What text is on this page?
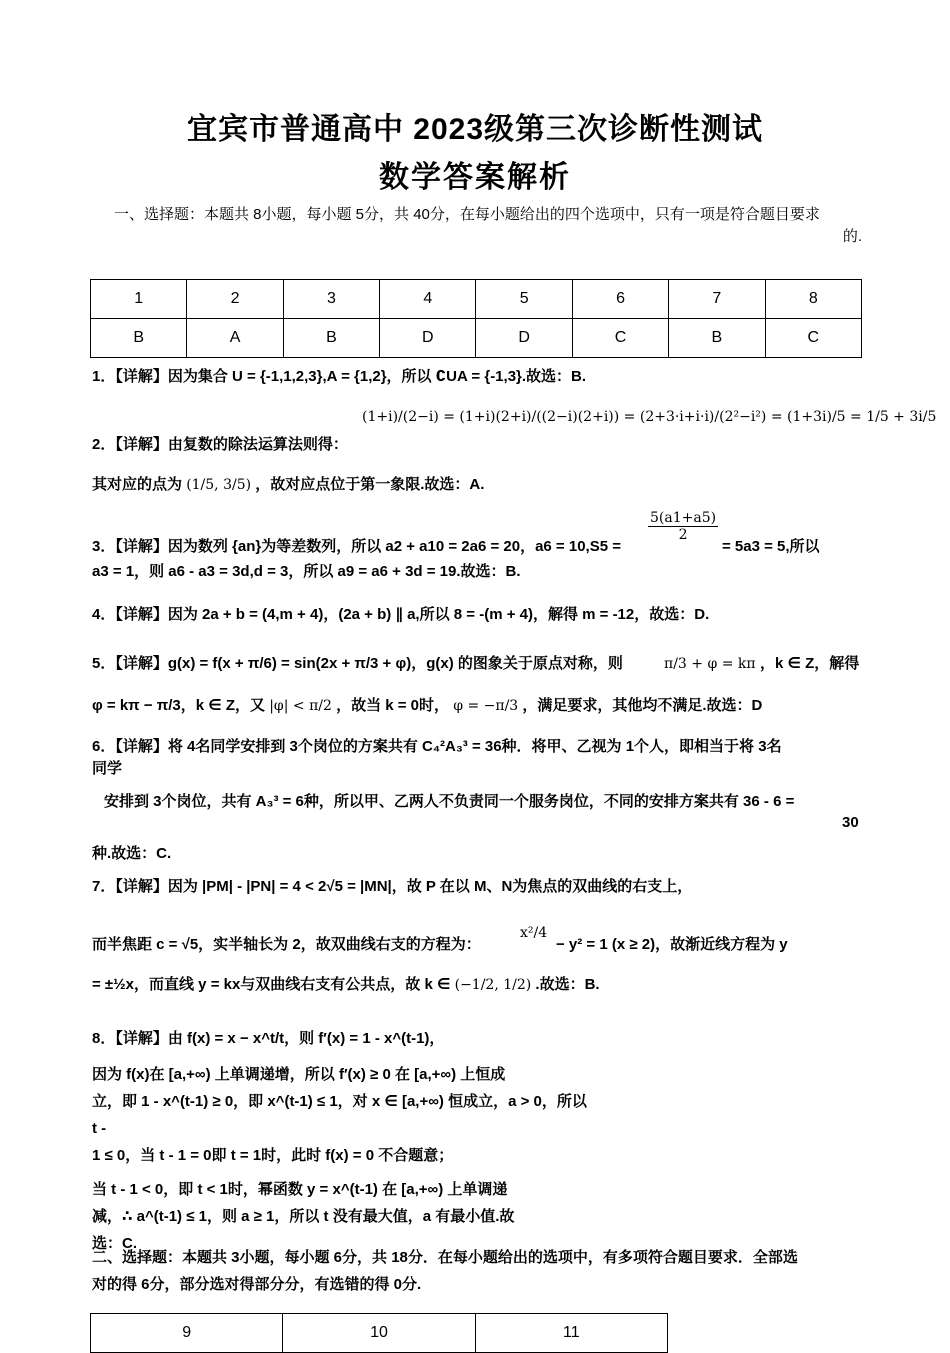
宜宾市普通高中 2023级第三次诊断性测试
数学答案解析
一、选择题：本题共 8小题，每小题 5分，共 40分，在每小题给出的四个选项中，只有一项是符合题目要求
的.
1	2	3	4	5	6	7	8
B	A	B	D	D	C	B	C
1．【详解】因为集合 U = {-1,1,2,3},A = {1,2}，所以 ∁UA = {-1,3}.故选：B.
(1+i)/(2−i) = (1+i)(2+i)/((2−i)(2+i)) = (2+3·i+i·i)/(2²−i²) = (1+3i)/5 = 1/5 + 3i/5
2．【详解】由复数的除法运算法则得：
其对应的点为 (1/5, 3/5) ，故对应点位于第一象限.故选：A.
$\frac{5(a1+a5)}{2}$
3．【详解】因为数列 {an}为等差数列，所以 a2 + a10 = 2a6 = 20，a6 = 10,S5 =	= 5a3 = 5,所以
a3 = 1，则 a6 - a3 = 3d,d = 3，所以 a9 = a6 + 3d = 19.故选：B.
4．【详解】因为 2a + b = (4,m + 4)，(2a + b) ∥ a,所以 8 = -(m + 4)，解得 m = -12，故选：D.
5．【详解】g(x) = f(x + π/6) = sin(2x + π/3 + φ)，g(x) 的图象关于原点对称，则	π/3 + φ = kπ ，k ∈ Z，解得
φ = kπ − π/3，k ∈ Z，又 |φ| < π/2 ，故当 k = 0时， φ = −π/3 ，满足要求，其他均不满足.故选：D
6．【详解】将 4名同学安排到 3个岗位的方案共有 C₄²A₃³ = 36种．将甲、乙视为 1个人，即相当于将 3名
同学
安排到 3个岗位，共有 A₃³ = 6种，所以甲、乙两人不负责同一个服务岗位，不同的安排方案共有 36 - 6 =
30
种.故选：C.
7．【详解】因为 |PM| - |PN| = 4 < 2√5 = |MN|，故 P 在以 M、N为焦点的双曲线的右支上，
而半焦距 c = √5，实半轴长为 2，故双曲线右支的方程为：
x²/4
− y² = 1 (x ≥ 2)，故渐近线方程为 y
= ±½x，而直线 y = kx与双曲线右支有公共点，故 k ∈ (−1/2, 1/2) .故选：B.
8．【详解】由 f(x) = x − x^t/t，则 f′(x) = 1 - x^(t-1)，
因为 f(x)在 [a,+∞) 上单调递增，所以 f′(x) ≥ 0 在 [a,+∞) 上恒成
立，即 1 - x^(t-1) ≥ 0，即 x^(t-1) ≤ 1，对 x ∈ [a,+∞) 恒成立，a > 0，所以 t -
1 ≤ 0，当 t - 1 = 0即 t = 1时，此时 f(x) = 0 不合题意；
当 t - 1 < 0，即 t < 1时，幂函数 y = x^(t-1) 在 [a,+∞) 上单调递
减，∴ a^(t-1) ≤ 1，则 a ≥ 1，所以 t 没有最大值，a 有最小值.故
选：C.
二、选择题：本题共 3小题，每小题 6分，共 18分．在每小题给出的选项中，有多项符合题目要求．全部选
对的得 6分，部分选对得部分分，有选错的得 0分.
9	10	11
